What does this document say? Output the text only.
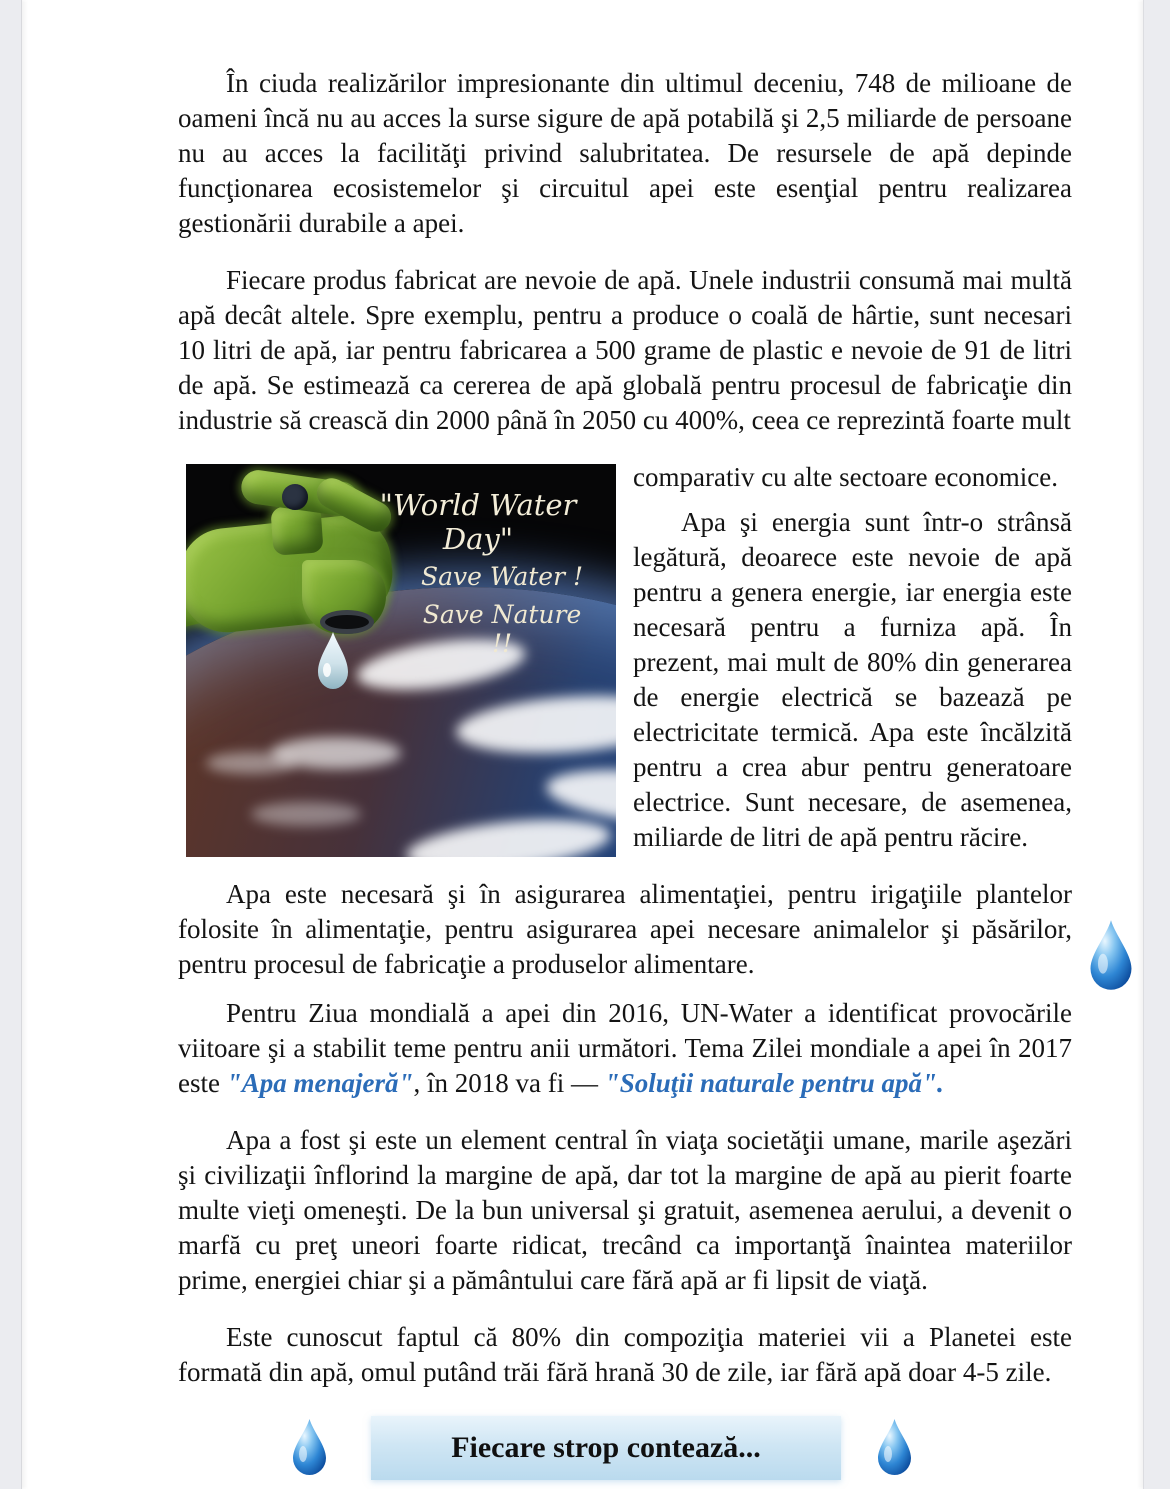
În ciuda realizărilor impresionante din ultimul deceniu, 748 de milioane de oameni încă nu au acces la surse sigure de apă potabilă şi 2,5 miliarde de persoane nu au acces la facilităţi privind salubritatea. De resursele de apă depinde funcţionarea ecosistemelor şi circuitul apei este esenţial pentru realizarea gestionării durabile a apei.

Fiecare produs fabricat are nevoie de apă. Unele industrii consumă mai multă apă decât altele. Spre exemplu, pentru a produce o coală de hârtie, sunt necesari 10 litri de apă, iar pentru fabricarea a 500 grame de plastic e nevoie de 91 de litri de apă. Se estimează ca cererea de apă globală pentru procesul de fabricaţie din industrie să crească din 2000 până în 2050 cu 400%, ceea ce reprezintă foarte mult

"World Water Day"
Save Water !
Save Nature !!

comparativ cu alte sectoare economice.

Apa şi energia sunt într-o strânsă legătură, deoarece este nevoie de apă pentru a genera energie, iar energia este necesară pentru a furniza apă. În prezent, mai mult de 80% din generarea de energie electrică se bazează pe electricitate termică. Apa este încălzită pentru a crea abur pentru generatoare electrice. Sunt necesare, de asemenea, miliarde de litri de apă pentru răcire.

Apa este necesară şi în asigurarea alimentaţiei, pentru irigaţiile plantelor folosite în alimentaţie, pentru asigurarea apei necesare animalelor şi păsărilor, pentru procesul de fabricaţie a produselor alimentare.

Pentru Ziua mondială a apei din 2016, UN-Water a identificat provocările viitoare şi a stabilit teme pentru anii următori. Tema Zilei mondiale a apei în 2017 este "Apa menajeră", în 2018 va fi — "Soluţii naturale pentru apă".

Apa a fost şi este un element central în viaţa societăţii umane, marile aşezări şi civilizaţii înflorind la margine de apă, dar tot la margine de apă au pierit foarte multe vieţi omeneşti. De la bun universal şi gratuit, asemenea aerului, a devenit o marfă cu preţ uneori foarte ridicat, trecând ca importanţă înaintea materiilor prime, energiei chiar şi a pământului care fără apă ar fi lipsit de viaţă.

Este cunoscut faptul că 80% din compoziţia materiei vii a Planetei este formată din apă, omul putând trăi fără hrană 30 de zile, iar fără apă doar 4-5 zile.

Fiecare strop contează...
